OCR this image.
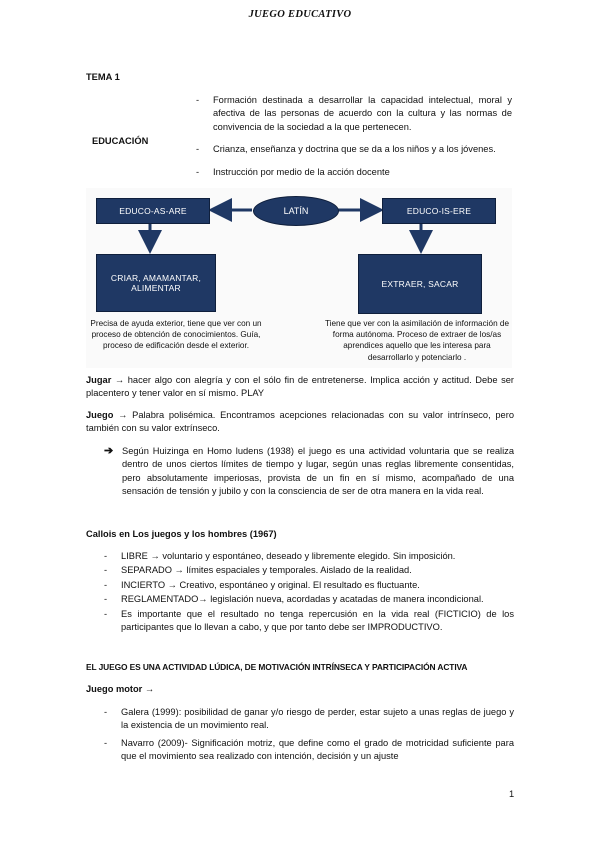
JUEGO EDUCATIVO
TEMA 1
EDUCACIÓN
- Formación destinada a desarrollar la capacidad intelectual, moral y afectiva de las personas de acuerdo con la cultura y las normas de convivencia de la sociedad a la que pertenecen.
- Crianza, enseñanza y doctrina que se da a los niños y a los jóvenes.
- Instrucción por medio de la acción docente
EDUCO-AS-ARE	LATÍN	EDUCO-IS-ERE
CRIAR, AMAMANTAR, ALIMENTAR	EXTRAER, SACAR
Precisa de ayuda exterior, tiene que ver con un proceso de obtención de conocimientos. Guía, proceso de edificación desde el exterior.
Tiene que ver con la asimilación de información de forma autónoma. Proceso de extraer de los/as aprendices aquello que les interesa para desarrollarlo y potenciarlo .
Jugar → hacer algo con alegría y con el sólo fin de entretenerse. Implica acción y actitud. Debe ser placentero y tener valor en sí mismo. PLAY
Juego → Palabra polisémica. Encontramos acepciones relacionadas con su valor intrínseco, pero también con su valor extrínseco.
➔ Según Huizinga en Homo ludens (1938) el juego es una actividad voluntaria que se realiza dentro de unos ciertos límites de tiempo y lugar, según unas reglas libremente consentidas, pero absolutamente imperiosas, provista de un fin en sí mismo, acompañado de una sensación de tensión y jubilo y con la consciencia de ser de otra manera en la vida real.
Callois en Los juegos y los hombres (1967)
- LIBRE → voluntario y espontáneo, deseado y libremente elegido. Sin imposición.
- SEPARADO → límites espaciales y temporales. Aislado de la realidad.
- INCIERTO → Creativo, espontáneo y original. El resultado es fluctuante.
- REGLAMENTADO→ legislación nueva, acordadas y acatadas de manera incondicional.
- Es importante que el resultado no tenga repercusión en la vida real (FICTICIO) de los participantes que lo llevan a cabo, y que por tanto debe ser IMPRODUCTIVO.
EL JUEGO ES UNA ACTIVIDAD LÚDICA, DE MOTIVACIÓN INTRÍNSECA Y PARTICIPACIÓN ACTIVA
Juego motor →
- Galera (1999): posibilidad de ganar y/o riesgo de perder, estar sujeto a unas reglas de juego y la existencia de un movimiento real.
- Navarro (2009)- Significación motriz, que define como el grado de motricidad suficiente para que el movimiento sea realizado con intención, decisión y un ajuste
1
